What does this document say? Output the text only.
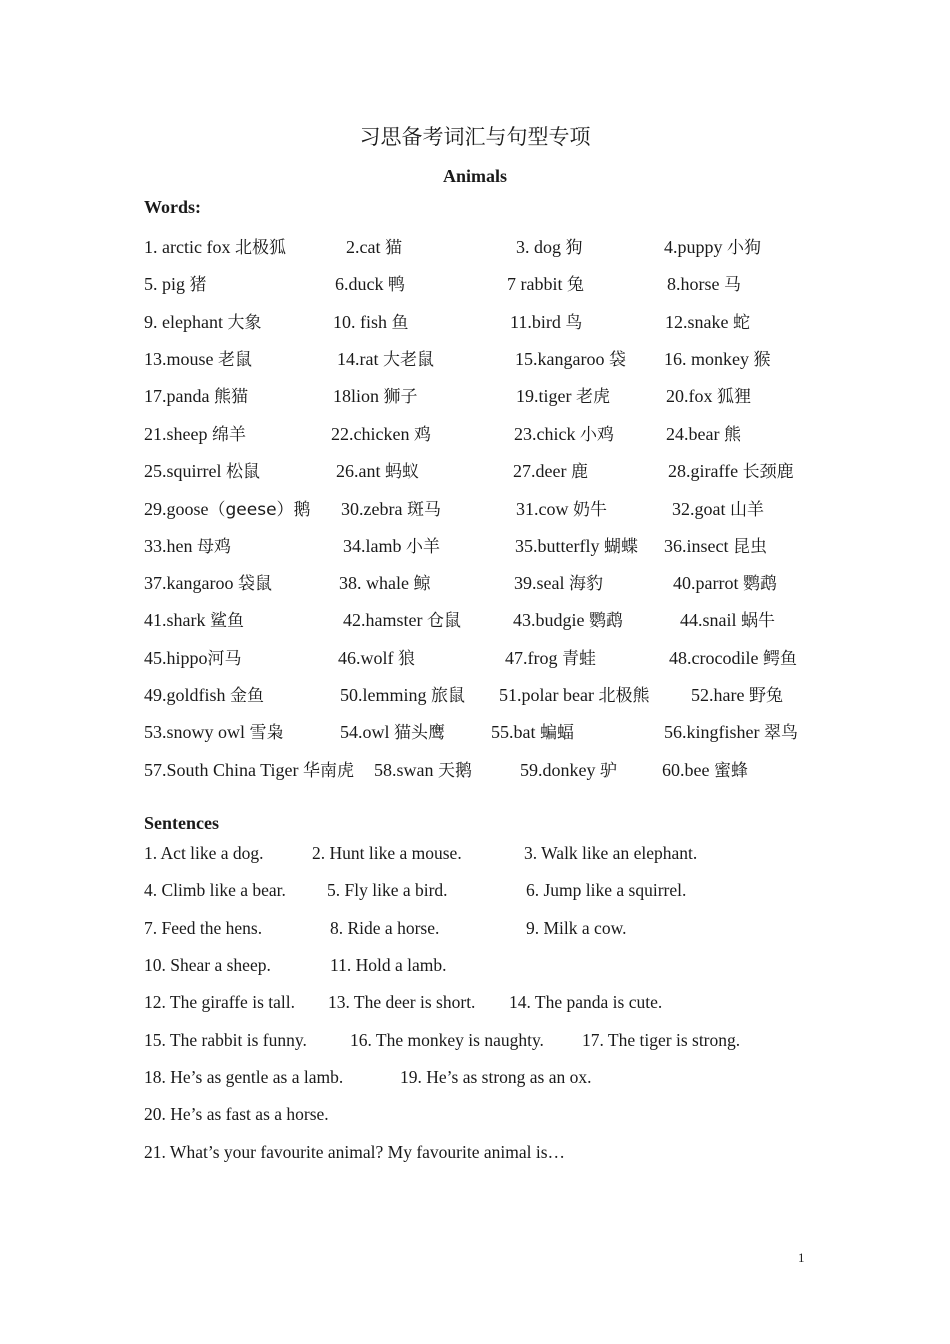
习思备考词汇与句型专项
Animals
Words:
1. arctic fox 北极狐	2.cat 猫	3. dog 狗	4.puppy 小狗
5. pig 猪	6.duck 鸭	7 rabbit 兔	8.horse 马
9. elephant 大象	10. fish 鱼	11.bird 鸟	12.snake 蛇
13.mouse 老鼠	14.rat 大老鼠	15.kangaroo 袋 16. monkey 猴
17.panda 熊猫	18lion 狮子	19.tiger 老虎	20.fox 狐狸
21.sheep 绵羊	22.chicken 鸡	23.chick 小鸡	24.bear 熊
25.squirrel 松鼠	26.ant 蚂蚁	27.deer 鹿	28.giraffe 长颈鹿
29.goose（geese）鹅 30.zebra 斑马	31.cow 奶牛	32.goat 山羊
33.hen 母鸡	34.lamb 小羊	35.butterfly 蝴蝶 36.insect 昆虫
37.kangaroo 袋鼠	38. whale 鲸	39.seal 海豹	40.parrot 鹦鹉
41.shark 鲨鱼	42.hamster 仓鼠	43.budgie 鹦鹉	44.snail 蜗牛
45.hippo河马	46.wolf 狼	47.frog 青蛙	48.crocodile 鳄鱼
49.goldfish 金鱼	50.lemming 旅鼠 51.polar bear 北极熊 52.hare 野兔
53.snowy owl 雪枭	54.owl 猫头鹰	55.bat 蝙蝠	56.kingfisher 翠鸟
57.South China Tiger 华南虎 58.swan 天鹅	59.donkey 驴	60.bee 蜜蜂
Sentences
1. Act like a dog.	2. Hunt like a mouse.	3. Walk like an elephant.
4. Climb like a bear. 5. Fly like a bird.	6. Jump like a squirrel.
7. Feed the hens.	8. Ride a horse.	9. Milk a cow.
10. Shear a sheep.	11. Hold a lamb.
12. The giraffe is tall. 13. The deer is short. 14. The panda is cute.
15. The rabbit is funny. 16. The monkey is naughty. 17. The tiger is strong.
18. He’s as gentle as a lamb.	19. He’s as strong as an ox.
20. He’s as fast as a horse.
21. What’s your favourite animal? My favourite animal is…
1
